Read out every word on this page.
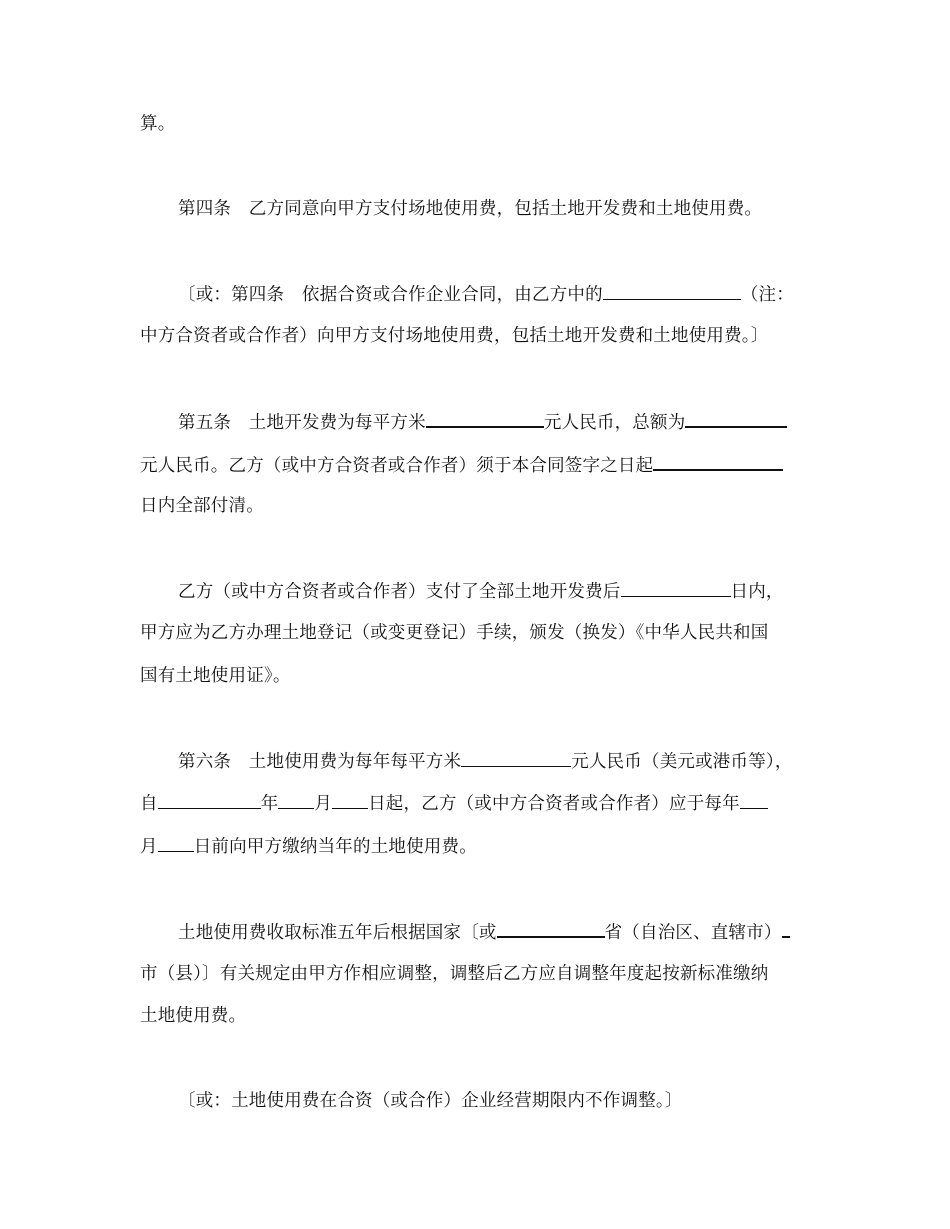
算。
第四条　乙方同意向甲方支付场地使用费，包括土地开发费和土地使用费。
〔或：第四条　依据合资或合作企业合同，由乙方中的	（注：
中方合资者或合作者）向甲方支付场地使用费，包括土地开发费和土地使用费。〕
第五条　土地开发费为每平方米	元人民币，总额为
元人民币。乙方（或中方合资者或合作者）须于本合同签字之日起
日内全部付清。
乙方（或中方合资者或合作者）支付了全部土地开发费后	日内，
甲方应为乙方办理土地登记（或变更登记）手续，颁发（换发）《中华人民共和国
国有土地使用证》。
第六条　土地使用费为每年每平方米	元人民币（美元或港币等），
自	年 月 日起，乙方（或中方合资者或合作者）应于每年
月 日前向甲方缴纳当年的土地使用费。
土地使用费收取标准五年后根据国家〔或	省（自治区、直辖市）
市（县）〕有关规定由甲方作相应调整，调整后乙方应自调整年度起按新标准缴纳
土地使用费。
〔或：土地使用费在合资（或合作）企业经营期限内不作调整。〕
